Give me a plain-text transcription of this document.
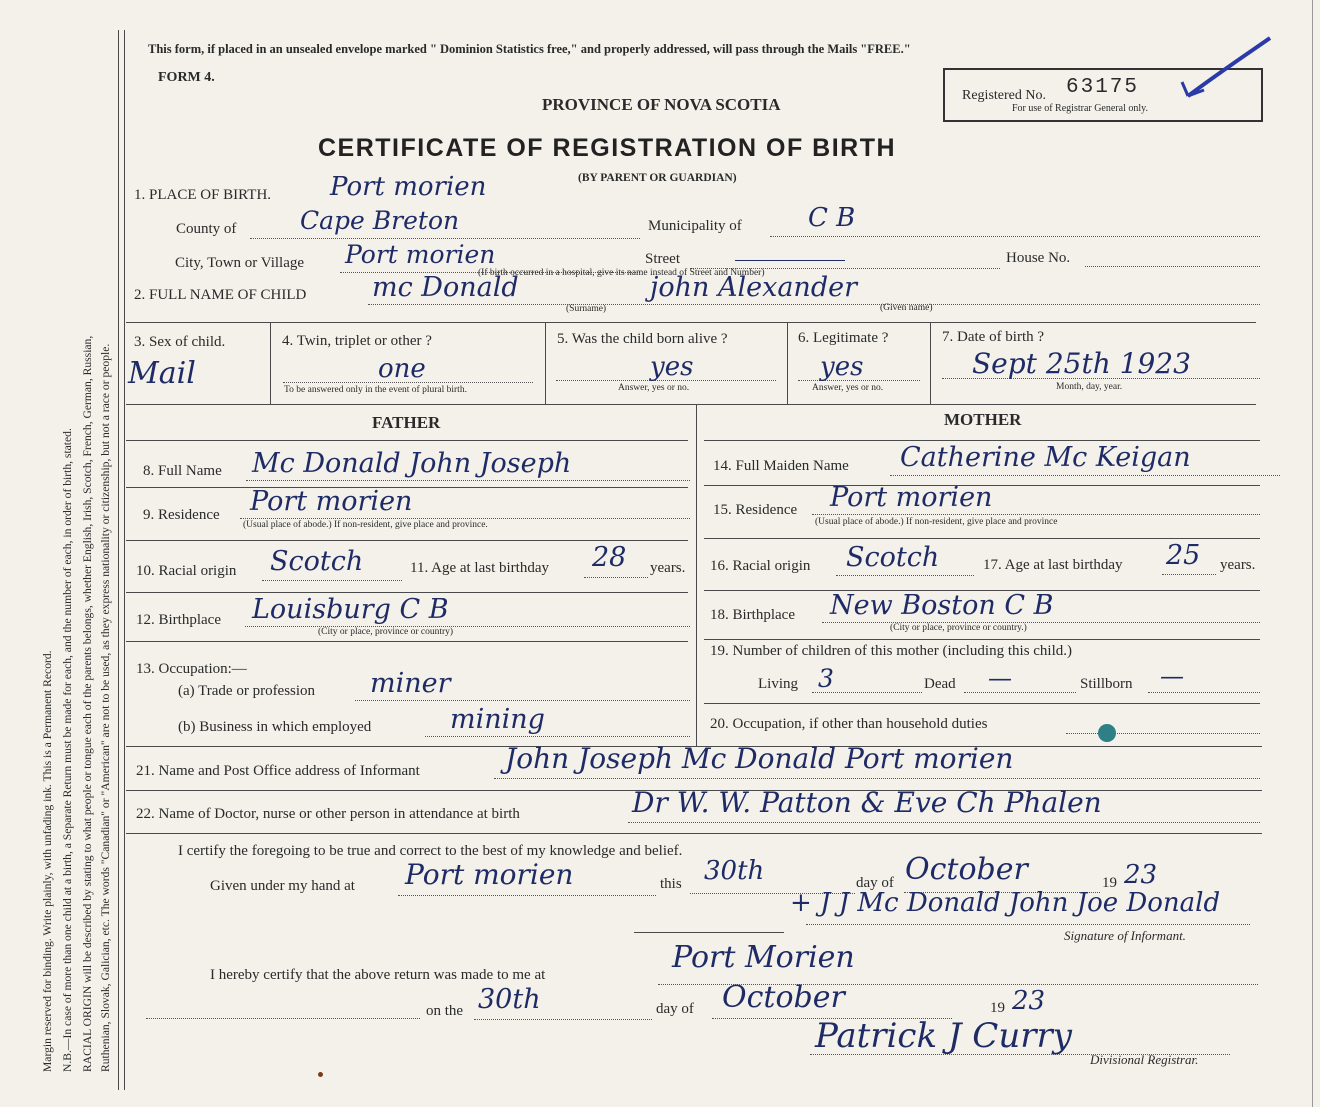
Margin reserved for binding. Write plainly, with unfading ink. This is a Permanent Record. N.B.—In case of more than one child at a birth, a Separate Return must be made for each, and the number of each, in order of birth, stated. RACIAL ORIGIN will be described by stating to what people or tongue each of the parents belongs, whether English, Irish, Scotch, French, German, Russian, Ruthenian, Slovak, Galician, etc. The words "Canadian" or "American" are not to be used, as they express nationality or citizenship, but not a race or people.
This form, if placed in an unsealed envelope marked " Dominion Statistics free," and properly addressed, will pass through the Mails "FREE."
FORM 4.
PROVINCE OF NOVA SCOTIA
CERTIFICATE OF REGISTRATION OF BIRTH
(BY PARENT OR GUARDIAN)
Registered No. 63175
For use of Registrar General only.
1. PLACE OF BIRTH. Port morien
County of	Cape Breton	Municipality of	C B
City, Town or Village Port morien	Street	House No.
(If birth occurred in a hospital, give its name instead of Street and Number)
2. FULL NAME OF CHILD mc Donald	john Alexander
(Surname)	(Given name)
3. Sex of child.
Mail
4. Twin, triplet or other ?
one
To be answered only in the event of plural birth.
5. Was the child born alive ?
yes
Answer, yes or no.
6. Legitimate ?
yes
Answer, yes or no.
7. Date of birth ?
Sept 25th 1923
Month, day, year.
FATHER	MOTHER
8. Full Name Mc Donald John Joseph	14. Full Maiden Name Catherine Mc Keigan
9. Residence Port morien
(Usual place of abode.) If non-resident, give place and province.
15. Residence Port morien
(Usual place of abode.) If non-resident, give place and province
10. Racial origin Scotch	11. Age at last birthday 28 years. 16. Racial origin Scotch	17. Age at last birthday 25 years.
12. Birthplace Louisburg C B
(City or place, province or country)
18. Birthplace New Boston C B
(City or place, province or country.)
13. Occupation:—
(a) Trade or profession miner
(b) Business in which employed	mining
19. Number of children of this mother (including this child.)
Living 3	Dead —	Stillborn —
20. Occupation, if other than household duties
21. Name and Post Office address of Informant	John Joseph Mc Donald Port morien
22. Name of Doctor, nurse or other person in attendance at birth	Dr W. W. Patton & Eve Ch Phalen
I certify the foregoing to be true and correct to the best of my knowledge and belief.
Given under my hand at Port morien	this 30th	day of October	19 23
+ J J Mc Donald John Joe Donald
Signature of Informant.
I hereby certify that the above return was made to me at	Port Morien
on the 30th	day of October	19 23
Patrick J Curry
Divisional Registrar.
